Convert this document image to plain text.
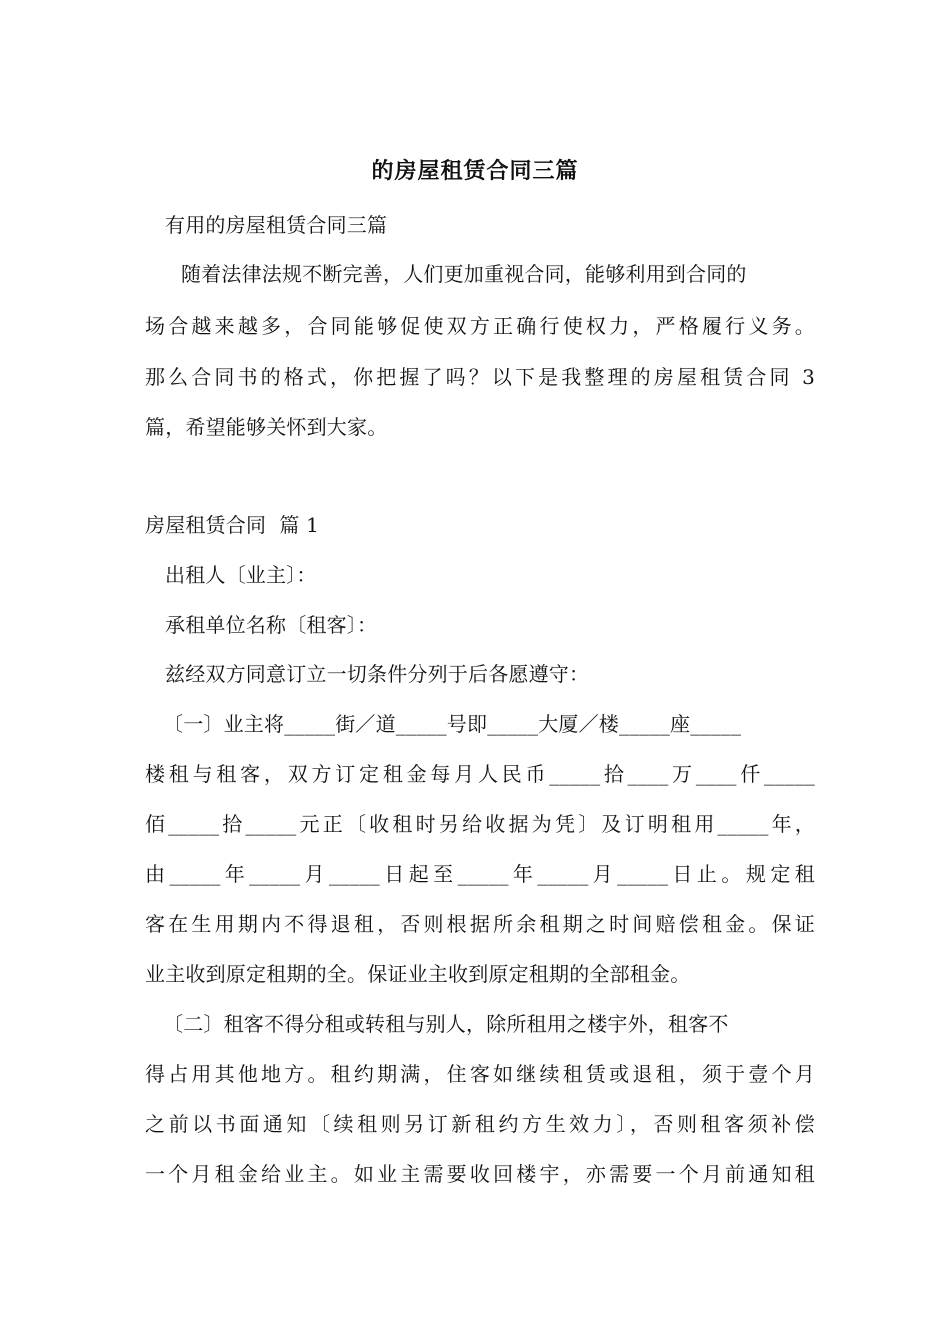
的房屋租赁合同三篇
有用的房屋租赁合同三篇
随着法律法规不断完善，人们更加重视合同，能够利用到合同的
场合越来越多，合同能够促使双方正确行使权力，严格履行义务。
那么合同书的格式，你把握了吗？以下是我整理的房屋租赁合同 3
篇，希望能够关怀到大家。
房屋租赁合同  篇 1
出租人〔业主〕：
承租单位名称〔租客〕：
兹经双方同意订立一切条件分列于后各愿遵守：
〔一〕业主将_____街／道_____号即_____大厦／楼_____座_____
楼租与租客，双方订定租金每月人民币_____拾____万____仟_____
佰_____拾_____元正〔收租时另给收据为凭〕及订明租用_____年，
由_____年_____月_____日起至_____年_____月_____日止。规定租
客在生用期内不得退租，否则根据所余租期之时间赔偿租金。保证
业主收到原定租期的全。保证业主收到原定租期的全部租金。
〔二〕租客不得分租或转租与别人，除所租用之楼宇外，租客不
得占用其他地方。租约期满，住客如继续租赁或退租，须于壹个月
之前以书面通知〔续租则另订新租约方生效力〕，否则租客须补偿
一个月租金给业主。如业主需要收回楼宇，亦需要一个月前通知租
